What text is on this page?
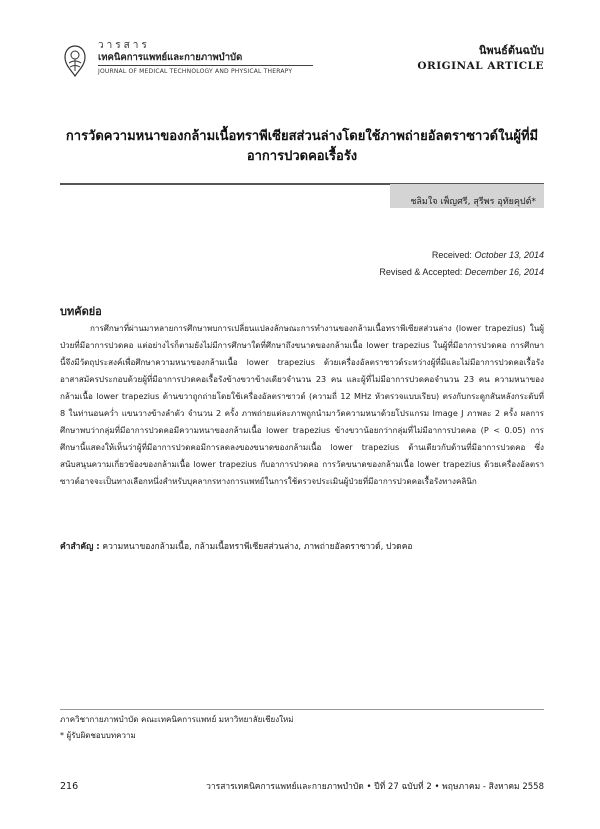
วารสาร
เทคนิคการแพทย์และกายภาพบำบัด
JOURNAL OF MEDICAL TECHNOLOGY AND PHYSICAL THERAPY
นิพนธ์ต้นฉบับ
ORIGINAL ARTICLE
การวัดความหนาของกล้ามเนื้อทราพีเซียสส่วนล่างโดยใช้ภาพถ่ายอัลตราซาวด์ในผู้ที่มีอาการปวดคอเรื้อรัง
ชลิมใจ เพ็ญศรี, สุรีพร อุทัยคุปต์*
Received: October 13, 2014
Revised & Accepted: December 16, 2014
บทคัดย่อ

การศึกษาที่ผ่านมาหลายการศึกษาพบการเปลี่ยนแปลงลักษณะการทำงานของกล้ามเนื้อทราพีเซียสส่วนล่าง (lower trapezius) ในผู้ป่วยที่มีอาการปวดคอ แต่อย่างไรก็ตามยังไม่มีการศึกษาใดที่ศึกษาถึงขนาดของกล้ามเนื้อ lower trapezius ในผู้ที่มีอาการปวดคอ การศึกษานี้จึงมีวัตถุประสงค์เพื่อศึกษาความหนาของกล้ามเนื้อ lower trapezius ด้วยเครื่องอัลตราซาวด์ระหว่างผู้ที่มีและไม่มีอาการปวดคอเรื้อรัง อาสาสมัครประกอบด้วยผู้ที่มีอาการปวดคอเรื้อรังข้างขวาข้างเดียวจำนวน 23 คน และผู้ที่ไม่มีอาการปวดคอจำนวน 23 คน ความหนาของกล้ามเนื้อ lower trapezius ด้านขวาถูกถ่ายโดยใช้เครื่องอัลตราซาวด์ (ความถี่ 12 MHz หัวตรวจแบบเรียบ) ตรงกับกระดูกสันหลังกระดับที่ 8 ในท่านอนคว่ำ แขนวางข้างลำตัว จำนวน 2 ครั้ง ภาพถ่ายแต่ละภาพถูกนำมาวัดความหนาด้วยโปรแกรม Image J ภาพละ 2 ครั้ง ผลการศึกษาพบว่ากลุ่มที่มีอาการปวดคอมีความหนาของกล้ามเนื้อ lower trapezius ข้างขวาน้อยกว่ากลุ่มที่ไม่มีอาการปวดคอ (P < 0.05) การศึกษานี้แสดงให้เห็นว่าผู้ที่มีอาการปวดคอมีการลดลงของขนาดของกล้ามเนื้อ lower trapezius ด้านเดียวกับด้านที่มีอาการปวดคอ ซึ่งสนับสนุนความเกี่ยวข้องของกล้ามเนื้อ lower trapezius กับอาการปวดคอ การวัดขนาดของกล้ามเนื้อ lower trapezius ด้วยเครื่องอัลตราซาวด์อาจจะเป็นทางเลือกหนึ่งสำหรับบุคลากรทางการแพทย์ในการใช้ตรวจประเมินผู้ป่วยที่มีอาการปวดคอเรื้อรังทางคลินิก

คำสำคัญ : ความหนาของกล้ามเนื้อ, กล้ามเนื้อทราพีเซียสส่วนล่าง, ภาพถ่ายอัลตราซาวด์, ปวดคอ
ภาควิชากายภาพบำบัด คณะเทคนิคการแพทย์ มหาวิทยาลัยเชียงใหม่
* ผู้รับผิดชอบบทความ
216	วารสารเทคนิคการแพทย์และกายภาพบำบัด • ปีที่ 27 ฉบับที่ 2 • พฤษภาคม - สิงหาคม 2558
